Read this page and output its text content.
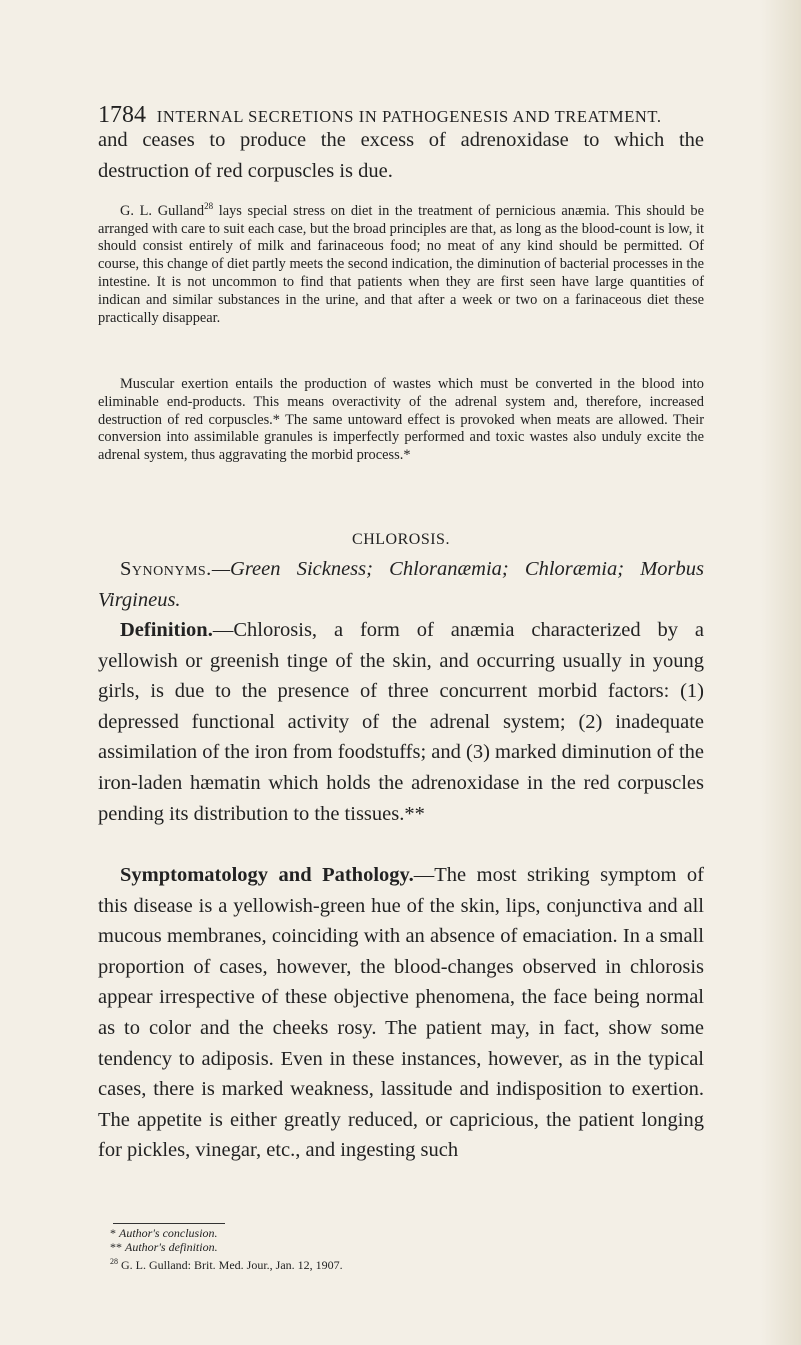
1784 INTERNAL SECRETIONS IN PATHOGENESIS AND TREATMENT.
and ceases to produce the excess of adrenoxidase to which the destruction of red corpuscles is due.
G. L. Gulland$^{28}$ lays special stress on diet in the treatment of pernicious anæmia. This should be arranged with care to suit each case, but the broad principles are that, as long as the blood-count is low, it should consist entirely of milk and farinaceous food; no meat of any kind should be permitted. Of course, this change of diet partly meets the second indication, the diminution of bacterial processes in the intestine. It is not uncommon to find that patients when they are first seen have large quantities of indican and similar substances in the urine, and that after a week or two on a farinaceous diet these practically disappear.
Muscular exertion entails the production of wastes which must be converted in the blood into eliminable end-products. This means overactivity of the adrenal system and, therefore, increased destruction of red corpuscles.* The same untoward effect is provoked when meats are allowed. Their conversion into assimilable granules is imperfectly performed and toxic wastes also unduly excite the adrenal system, thus aggravating the morbid process.*
CHLOROSIS.
Synonyms.—Green Sickness; Chloranæmia; Chloræmia; Morbus Virgineus.
Definition.—Chlorosis, a form of anæmia characterized by a yellowish or greenish tinge of the skin, and occurring usually in young girls, is due to the presence of three concurrent morbid factors: (1) depressed functional activity of the adrenal system; (2) inadequate assimilation of the iron from foodstuffs; and (3) marked diminution of the iron-laden hæmatin which holds the adrenoxidase in the red corpuscles pending its distribution to the tissues.**
Symptomatology and Pathology.—The most striking symptom of this disease is a yellowish-green hue of the skin, lips, conjunctiva and all mucous membranes, coinciding with an absence of emaciation. In a small proportion of cases, however, the blood-changes observed in chlorosis appear irrespective of these objective phenomena, the face being normal as to color and the cheeks rosy. The patient may, in fact, show some tendency to adiposis. Even in these instances, however, as in the typical cases, there is marked weakness, lassitude and indisposition to exertion. The appetite is either greatly reduced, or capricious, the patient longing for pickles, vinegar, etc., and ingesting such
* Author's conclusion.
** Author's definition.
$^{28}$ G. L. Gulland: Brit. Med. Jour., Jan. 12, 1907.
